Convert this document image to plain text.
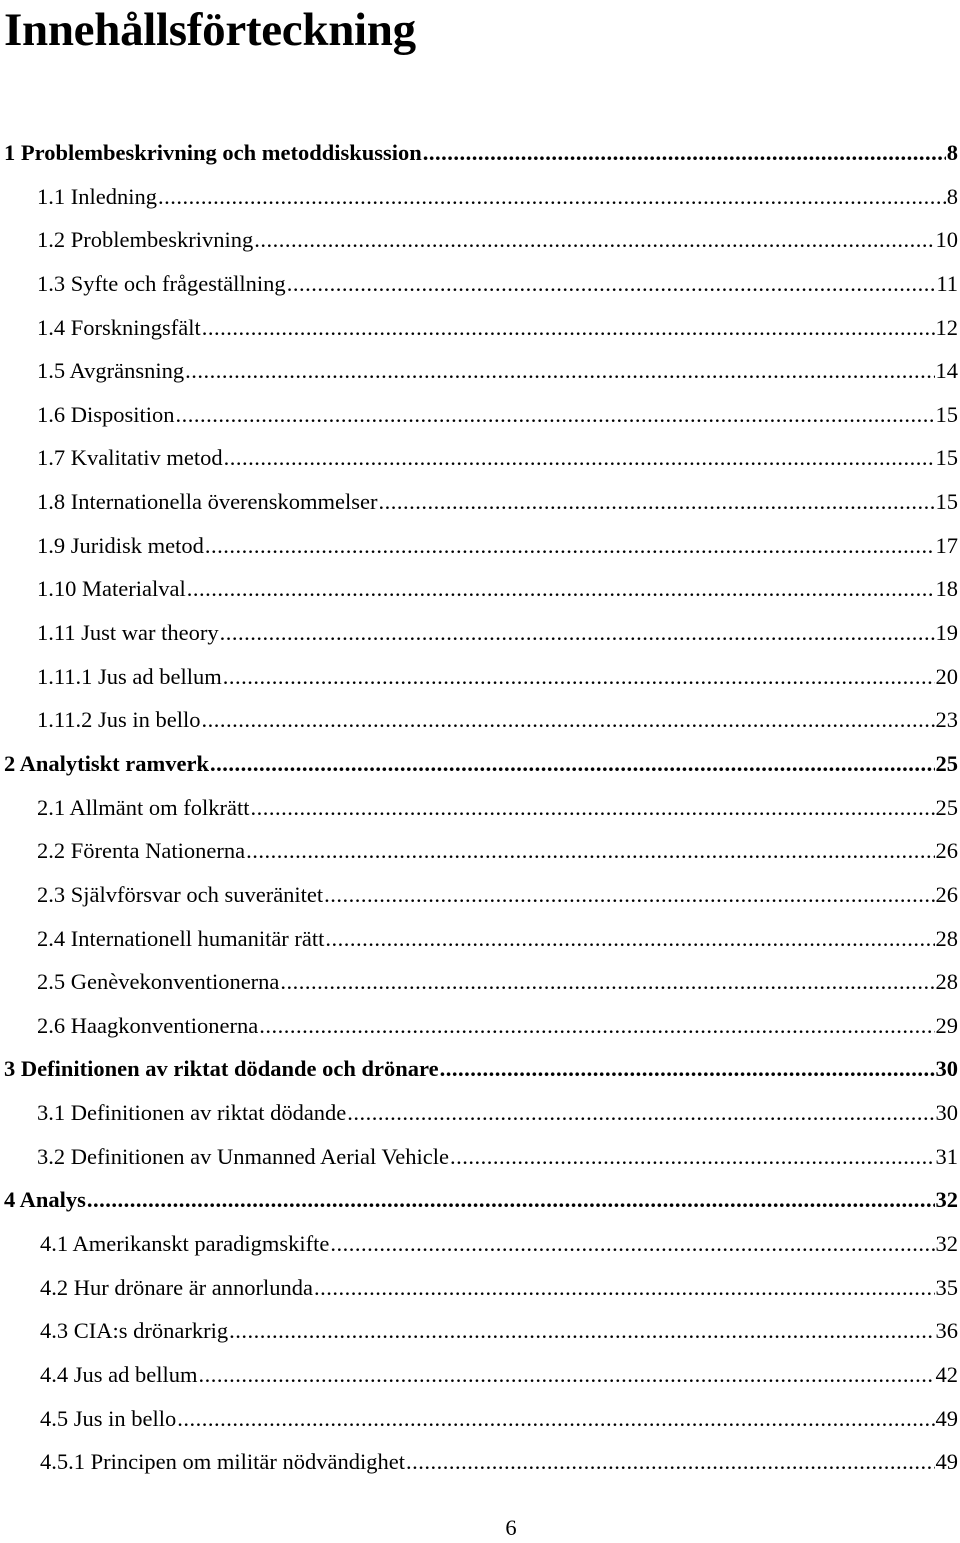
Innehållsförteckning
1 Problembeskrivning och metoddiskussion .....	8
1.1 Inledning .....	8
1.2 Problembeskrivning .....	10
1.3 Syfte och frågeställning .....	11
1.4 Forskningsfält .....	12
1.5 Avgränsning .....	14
1.6 Disposition .....	15
1.7 Kvalitativ metod .....	15
1.8 Internationella överenskommelser .....	15
1.9 Juridisk metod .....	17
1.10 Materialval .....	18
1.11 Just war theory .....	19
1.11.1 Jus ad bellum .....	20
1.11.2 Jus in bello .....	23
2 Analytiskt ramverk .....	25
2.1 Allmänt om folkrätt .....	25
2.2 Förenta Nationerna .....	26
2.3 Självförsvar och suveränitet .....	26
2.4 Internationell humanitär rätt .....	28
2.5 Genèvekonventionerna .....	28
2.6 Haagkonventionerna .....	29
3 Definitionen av riktat dödande och drönare .....	30
3.1 Definitionen av riktat dödande .....	30
3.2 Definitionen av Unmanned Aerial Vehicle .....	31
4 Analys .....	32
4.1 Amerikanskt paradigmskifte .....	32
4.2 Hur drönare är annorlunda .....	35
4.3 CIA:s drönarkrig .....	36
4.4 Jus ad bellum .....	42
4.5 Jus in bello .....	49
4.5.1 Principen om militär nödvändighet .....	49
6
